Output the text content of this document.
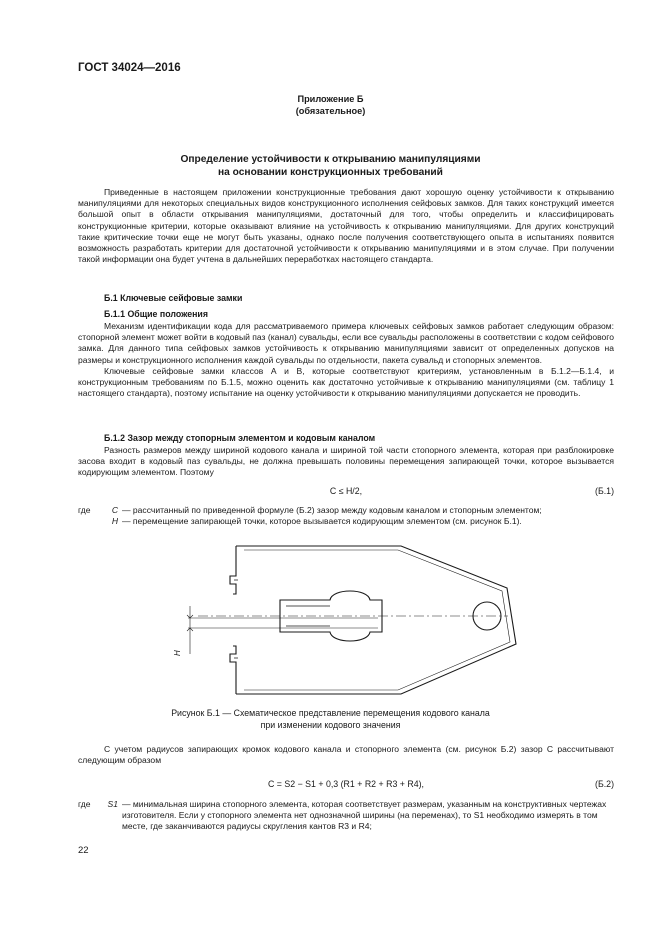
ГОСТ 34024—2016
Приложение Б
(обязательное)
Определение устойчивости к открыванию манипуляциями
на основании конструкционных требований

Приведенные в настоящем приложении конструкционные требования дают хорошую оценку устойчивости к открыванию манипуляциями для некоторых специальных видов конструкционного исполнения сейфовых замков. Для таких конструкций имеется большой опыт в области открывания манипуляциями, достаточный для того, чтобы определить и классифицировать конструкционные критерии, которые оказывают влияние на устойчивость к открыванию манипуляциями. Для других конструкций такие критические точки еще не могут быть указаны, однако после получения соответствующего опыта в испытаниях появится возможность разработать критерии для достаточной устойчивости к открыванию манипуляциями и в этом случае. При получении такой информации она будет учтена в дальнейших переработках настоящего стандарта.

Б.1 Ключевые сейфовые замки
Б.1.1 Общие положения

Механизм идентификации кода для рассматриваемого примера ключевых сейфовых замков работает следующим образом: стопорной элемент может войти в кодовый паз (канал) сувальды, если все сувальды расположены в соответствии с кодом сейфового замка. Для данного типа сейфовых замков устойчивость к открыванию манипуляциями зависит от определенных допусков на размеры и конструкционного исполнения каждой сувальды по отдельности, пакета сувальд и стопорных элементов.

Ключевые сейфовые замки классов А и В, которые соответствуют критериям, установленным в Б.1.2—Б.1.4, и конструкционным требованиям по Б.1.5, можно оценить как достаточно устойчивые к открыванию манипуляциями (см. таблицу 1 настоящего стандарта), поэтому испытание на оценку устойчивости к открыванию манипуляциями допускается не проводить.

Б.1.2 Зазор между стопорным элементом и кодовым каналом

Разность размеров между шириной кодового канала и шириной той части стопорного элемента, которая при разблокировке засова входит в кодовый паз сувальды, не должна превышать половины перемещения запирающей точки, которое вызывается кодирующим элементом. Поэтому

C ≤ H/2,	(Б.1)
где	C — рассчитанный по приведенной формуле (Б.2) зазор между кодовым каналом и стопорным элементом;
H — перемещение запирающей точки, которое вызывается кодирующим элементом (см. рисунок Б.1).
H
Рисунок Б.1 — Схематическое представление перемещения кодового канала
при изменении кодового значения

С учетом радиусов запирающих кромок кодового канала и стопорного элемента (см. рисунок Б.2) зазор C рассчитывают следующим образом

C = S2 − S1 + 0,3 (R1 + R2 + R3 + R4),	(Б.2)
где	S1 — минимальная ширина стопорного элемента, которая соответствует размерам, указанным на конструктивных чертежах изготовителя. Если у стопорного элемента нет однозначной ширины (на переменах), то S1 необходимо измерять в том месте, где заканчиваются радиусы скругления кантов R3 и R4;
22
